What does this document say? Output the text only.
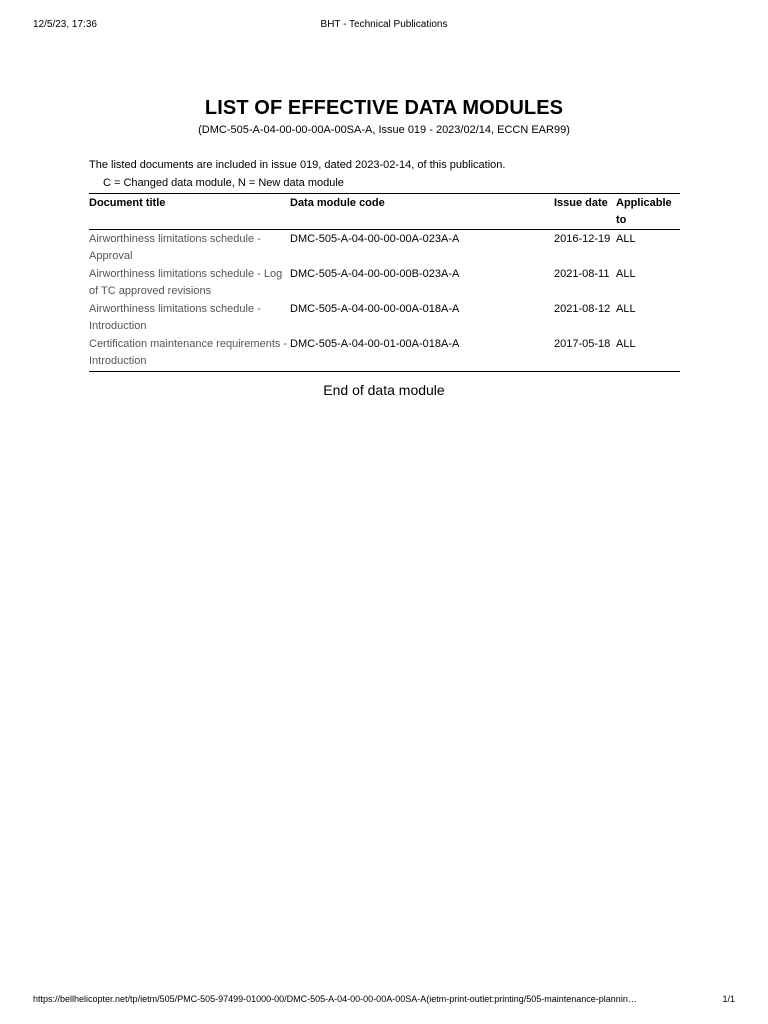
12/5/23, 17:36	BHT - Technical Publications
LIST OF EFFECTIVE DATA MODULES
(DMC-505-A-04-00-00-00A-00SA-A, Issue 019 - 2023/02/14, ECCN EAR99)
The listed documents are included in issue 019, dated 2023-02-14, of this publication.
C = Changed data module, N = New data module
Document title	Data module code	Issue date	Applicable to
Airworthiness limitations schedule - Approval	DMC-505-A-04-00-00-00A-023A-A	2016-12-19	ALL
Airworthiness limitations schedule - Log of TC approved revisions	DMC-505-A-04-00-00-00B-023A-A	2021-08-11	ALL
Airworthiness limitations schedule - Introduction	DMC-505-A-04-00-00-00A-018A-A	2021-08-12	ALL
Certification maintenance requirements - Introduction	DMC-505-A-04-00-01-00A-018A-A	2017-05-18	ALL
End of data module
https://bellhelicopter.net/tp/ietm/505/PMC-505-97499-01000-00/DMC-505-A-04-00-00-00A-00SA-A(ietm-print-outlet:printing/505-maintenance-plannin…	1/1
